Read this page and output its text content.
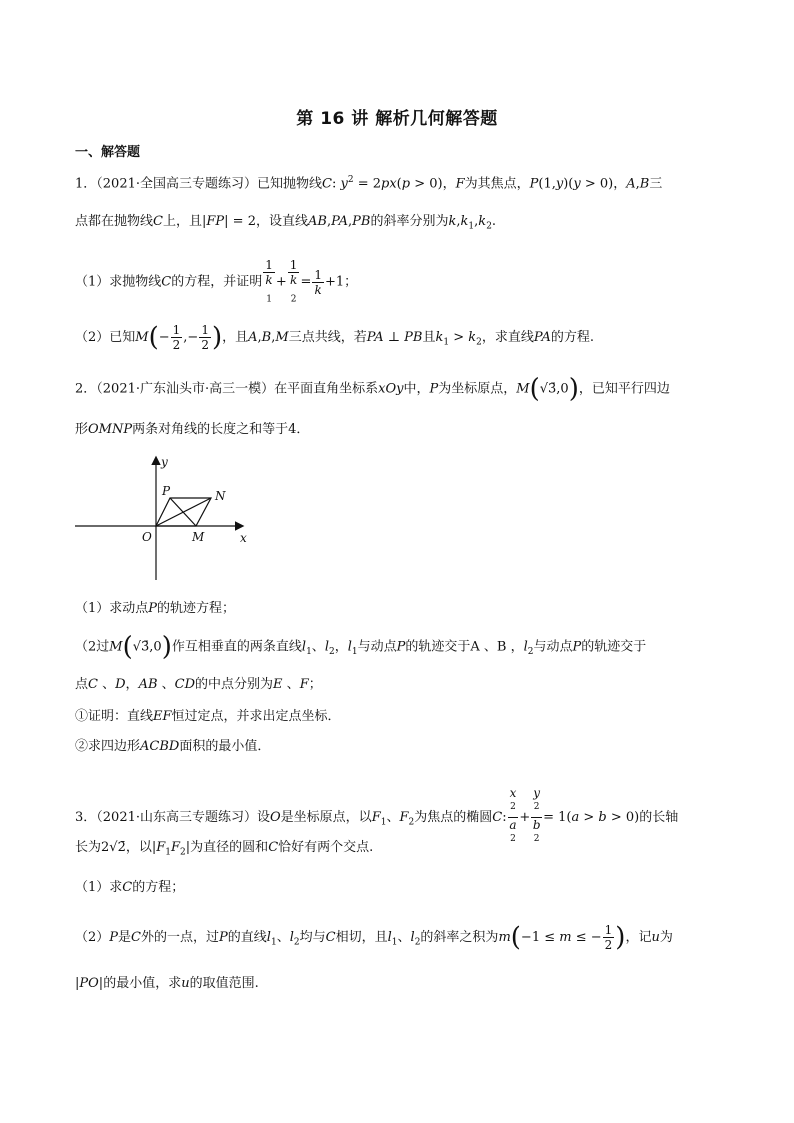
第 16 讲 解析几何解答题
一、解答题
1．（2021·全国高三专题练习）已知抛物线C: $y^2 = 2px(p > 0)$，F为其焦点，P(1,y)(y > 0)，A,B三
点都在抛物线C上，且|FP| = 2，设直线AB,PA,PB的斜率分别为$k,k_1,k_2$.
（1）求抛物线C的方程，并证明 1
k
$_1$ + 1
k
$_2 = \frac{1}{k} +1$；
（2）已知$M(- \frac{1}{2}$ ,− $\frac{1}{2}$ )，且A,B,M三点共线，若PA ⊥ PB且$k_1 > k_2$，求直线PA的方程.
2．（2021·广东汕头市·高三一模）在平面直角坐标系xOy中，P为坐标原点，M(√3̄,0)，已知平行四边
形OMNP两条对角线的长度之和等于4．
y
x
O
P	N
M
（1）求动点P的轨迹方程；
（2过M(√3̄,0)作互相垂直的两条直线$l_1$、$l_2$，$l_1$与动点P的轨迹交于A 、B ，$l_2$与动点P的轨迹交于
点C 、D，AB 、CD的中点分别为E 、F；
①证明：直线EF恒过定点，并求出定点坐标．
②求四边形ACBD面积的最小值．
3．（2021·山东高三专题练习）设O是坐标原点，以$F_1$、$F_2$为焦点的椭圆C: x
$^2$
a
$^2$ + y
$^2$
b
$^2$ = 1(a > b > 0)的长轴
长为2√2̄，以$|F_1F_2|$为直径的圆和C恰好有两个交点.
（1）求C的方程；
（2）P是C外的一点，过P的直线$l_1$、$l_2$均与C相切，且$l_1$、$l_2$的斜率之积为m(−1 ≤ m ≤ − $\frac{1}{2}$ )，记u为
|PO|的最小值，求u的取值范围.
